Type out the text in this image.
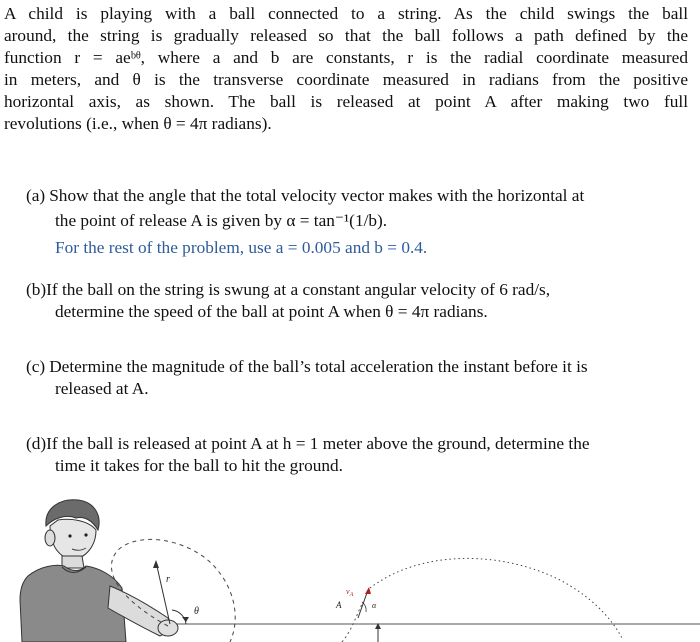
A child is playing with a ball connected to a string. As the child swings the ball
around, the string is gradually released so that the ball follows a path defined by the
function r = aeᵇᶿ, where a and b are constants, r is the radial coordinate measured
in meters, and θ is the transverse coordinate measured in radians from the positive
horizontal axis, as shown. The ball is released at point A after making two full
revolutions (i.e., when θ = 4π radians).
(a) Show that the angle that the total velocity vector makes with the horizontal at
the point of release A is given by α = tan⁻¹(1/b).
For the rest of the problem, use a = 0.005 and b = 0.4.
(b) If the ball on the string is swung at a constant angular velocity of 6 rad/s,
determine the speed of the ball at point A when θ = 4π radians.
(c) Determine the magnitude of the ball’s total acceleration the instant before it is
released at A.
(d) If the ball is released at point A at h = 1 meter above the ground, determine the
time it takes for the ball to hit the ground.
r
θ
A
$v_A$
α
